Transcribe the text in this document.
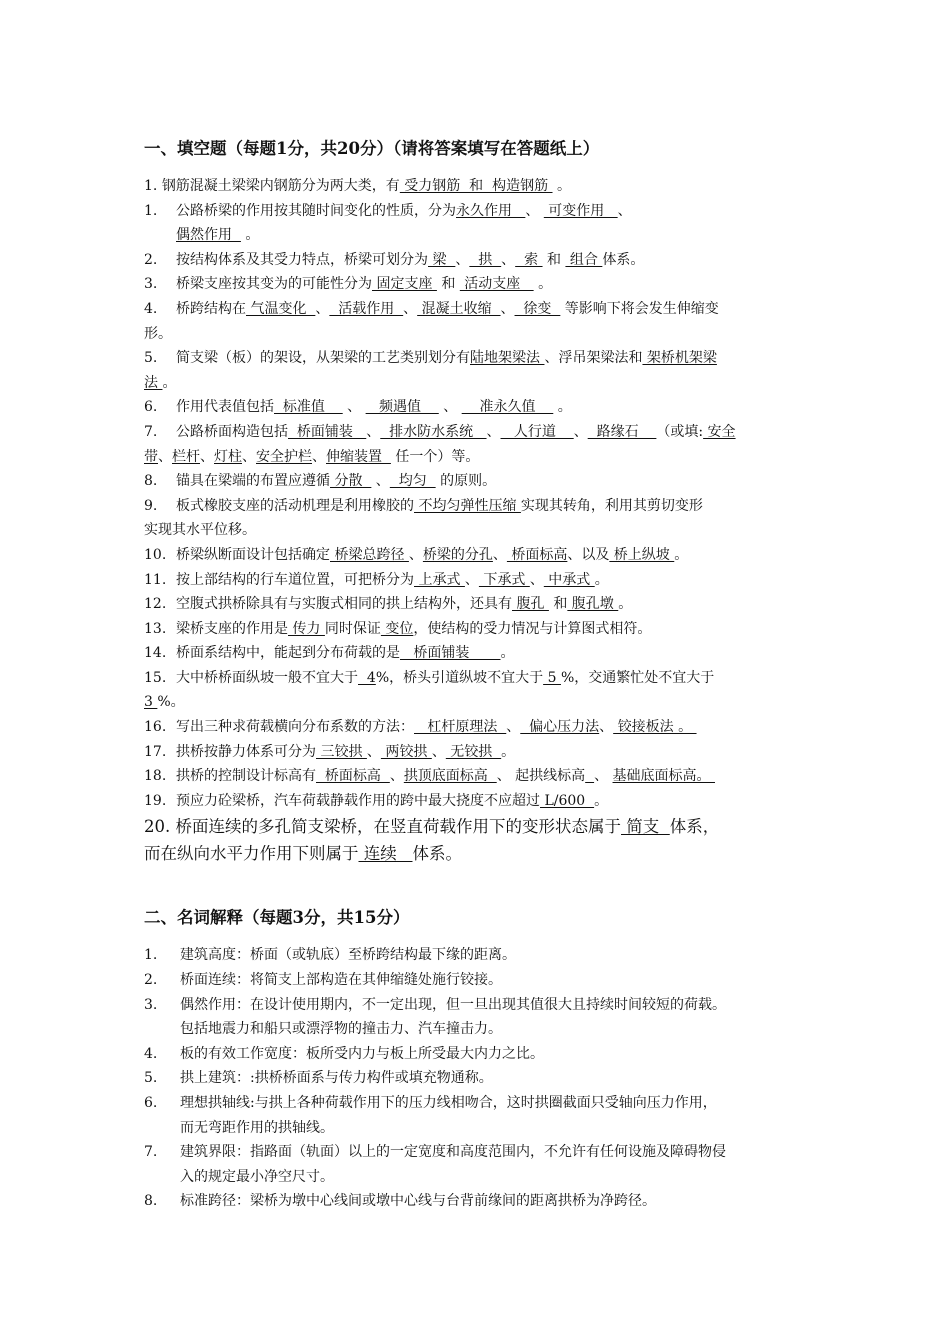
一、填空题（每题1分，共20分）（请将答案填写在答题纸上）

1. 钢筋混凝土梁梁内钢筋分为两大类，有 受力钢筋  和  构造钢筋  。
1. 公路桥梁的作用按其随时间变化的性质，分为永久作用   、  可变作用   、
偶然作用   。
2. 按结构体系及其受力特点，桥梁可划分为 梁  、  拱  、  索  和  组合 体系。
3. 桥梁支座按其变为的可能性分为 固定支座  和  活动支座    。
4. 桥跨结构在 气温变化  、  活载作用  、 混凝土收缩  、  徐变   等影响下将会发生伸缩变
形。
5. 简支梁（板）的架设，从架梁的工艺类别划分有陆地架梁法 、浮吊架梁法和 架桥机架梁
法 。
6. 作用代表值包括  标准值     、    频遇值     、     准永久值     。
7. 公路桥面构造包括  桥面铺装   、  排水防水系统   、   人行道    、  路缘石    （或填: 安全
带、栏杆、灯柱、安全护栏、伸缩装置   任一个）等。
8. 锚具在梁端的布置应遵循 分散   、  均匀   的原则。
9. 板式橡胶支座的活动机理是利用橡胶的 不均匀弹性压缩 实现其转角，利用其剪切变形
实现其水平位移。
10. 桥梁纵断面设计包括确定 桥梁总跨径 、桥梁的分孔、 桥面标高、以及 桥上纵坡 。
11. 按上部结构的行车道位置，可把桥分为 上承式 、 下承式 、 中承式 。
12. 空腹式拱桥除具有与实腹式相同的拱上结构外，还具有 腹孔  和 腹孔墩 。
13. 梁桥支座的作用是 传力 同时保证 变位，使结构的受力情况与计算图式相符。
14. 桥面系结构中，能起到分布荷载的是   桥面铺装       。
15. 大中桥桥面纵坡一般不宜大于  4%，桥头引道纵坡不宜大于 5 %，交通繁忙处不宜大于
3 %。
16. 写出三种求荷载横向分布系数的方法：   杠杆原理法  、  偏心压力法、 铰接板法 。
17. 拱桥按静力体系可分为 三铰拱 、 两铰拱 、 无铰拱  。
18. 拱桥的控制设计标高有  桥面标高  、拱顶底面标高  、 起拱线标高 、 基础底面标高。
19. 预应力砼梁桥，汽车荷载静载作用的跨中最大挠度不应超过 L/600  。
20. 桥面连续的多孔简支梁桥，在竖直荷载作用下的变形状态属于 简支  体系，
而在纵向水平力作用下则属于 连续   体系。

二、名词解释（每题3分，共15分）

1. 建筑高度：桥面（或轨底）至桥跨结构最下缘的距离。
2. 桥面连续：将简支上部构造在其伸缩缝处施行铰接。
3. 偶然作用：在设计使用期内，不一定出现，但一旦出现其值很大且持续时间较短的荷载。
包括地震力和船只或漂浮物的撞击力、汽车撞击力。
4. 板的有效工作宽度：板所受内力与板上所受最大内力之比。
5. 拱上建筑：:拱桥桥面系与传力构件或填充物通称。
6. 理想拱轴线:与拱上各种荷载作用下的压力线相吻合，这时拱圈截面只受轴向压力作用，
而无弯距作用的拱轴线。
7. 建筑界限：指路面（轨面）以上的一定宽度和高度范围内，不允许有任何设施及障碍物侵
入的规定最小净空尺寸。
8. 标准跨径：梁桥为墩中心线间或墩中心线与台背前缘间的距离拱桥为净跨径。
